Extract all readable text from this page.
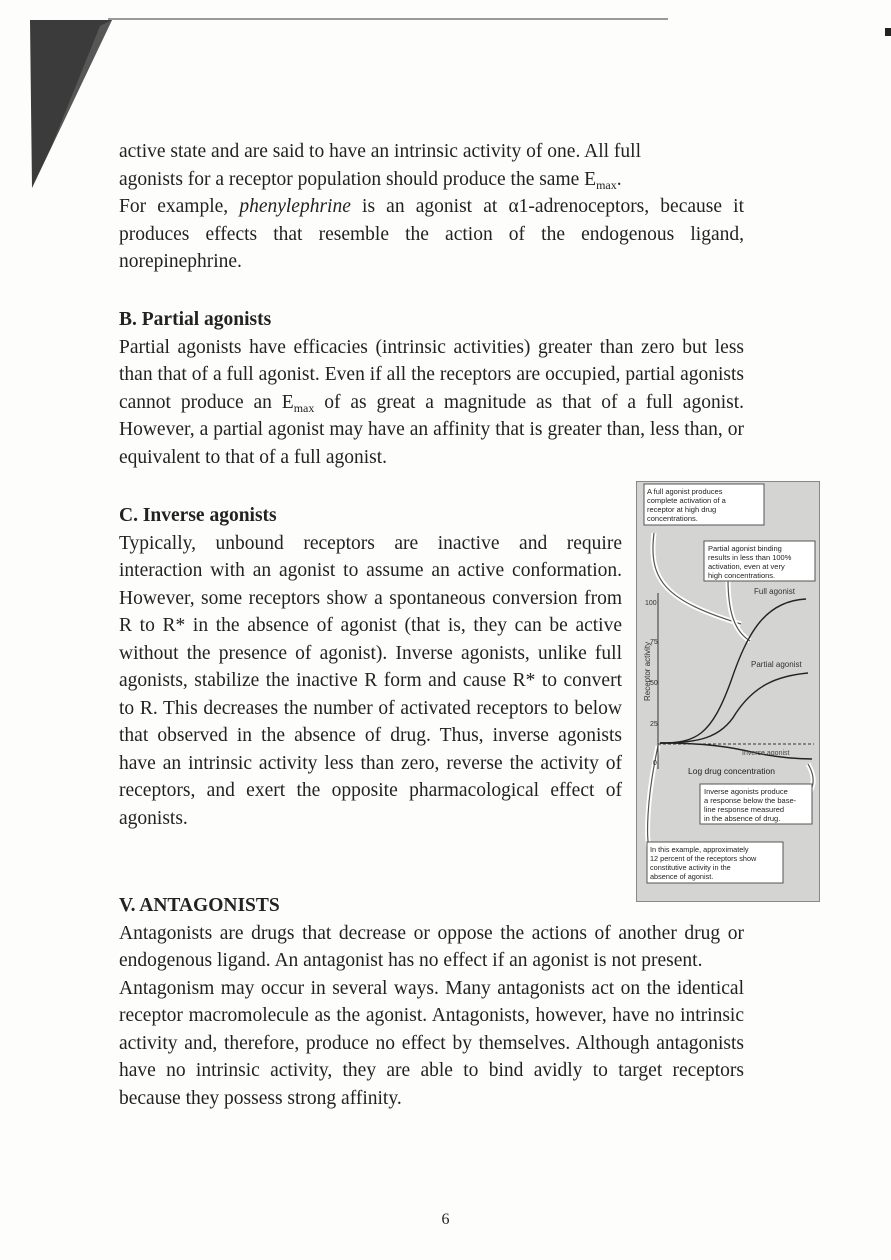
active state and are said to have an intrinsic activity of one. All full
agonists for a receptor population should produce the same $E_{max}$.

For example, phenylephrine is an agonist at α1-adrenoceptors, because it produces effects that resemble the action of the endogenous ligand, norepinephrine.

B. Partial agonists

Partial agonists have efficacies (intrinsic activities) greater than zero but less than that of a full agonist. Even if all the receptors are occupied, partial agonists cannot produce an $E_{max}$ of as great a magnitude as that of a full agonist. However, a partial agonist may have an affinity that is greater than, less than, or equivalent to that of a full agonist.

C. Inverse agonists

Typically, unbound receptors are inactive and require interaction with an agonist to assume an active conformation. However, some receptors show a spontaneous conversion from R to R* in the absence of agonist (that is, they can be active without the presence of agonist). Inverse agonists, unlike full agonists, stabilize the inactive R form and cause R* to convert to R. This decreases the number of activated receptors to below that observed in the absence of drug. Thus, inverse agonists have an intrinsic activity less than zero, reverse the activity of receptors, and exert the opposite pharmacological effect of agonists.

Receptor activity
100
75
50
25
0
Full agonist
Partial agonist
Inverse agonist
Log drug concentration
A full agonist produces complete activation of a receptor at high drug concentrations.
Partial agonist binding results in less than 100% activation, even at very high concentrations.
Inverse agonists produce a response below the base- line response measured in the absence of drug.
In this example, approximately 12 percent of the receptors show constitutive activity in the absence of agonist.
V. ANTAGONISTS

Antagonists are drugs that decrease or oppose the actions of another drug or endogenous ligand. An antagonist has no effect if an agonist is not present.

Antagonism may occur in several ways. Many antagonists act on the identical receptor macromolecule as the agonist. Antagonists, however, have no intrinsic activity and, therefore, produce no effect by themselves. Although antagonists have no intrinsic activity, they are able to bind avidly to target receptors because they possess strong affinity.

6
